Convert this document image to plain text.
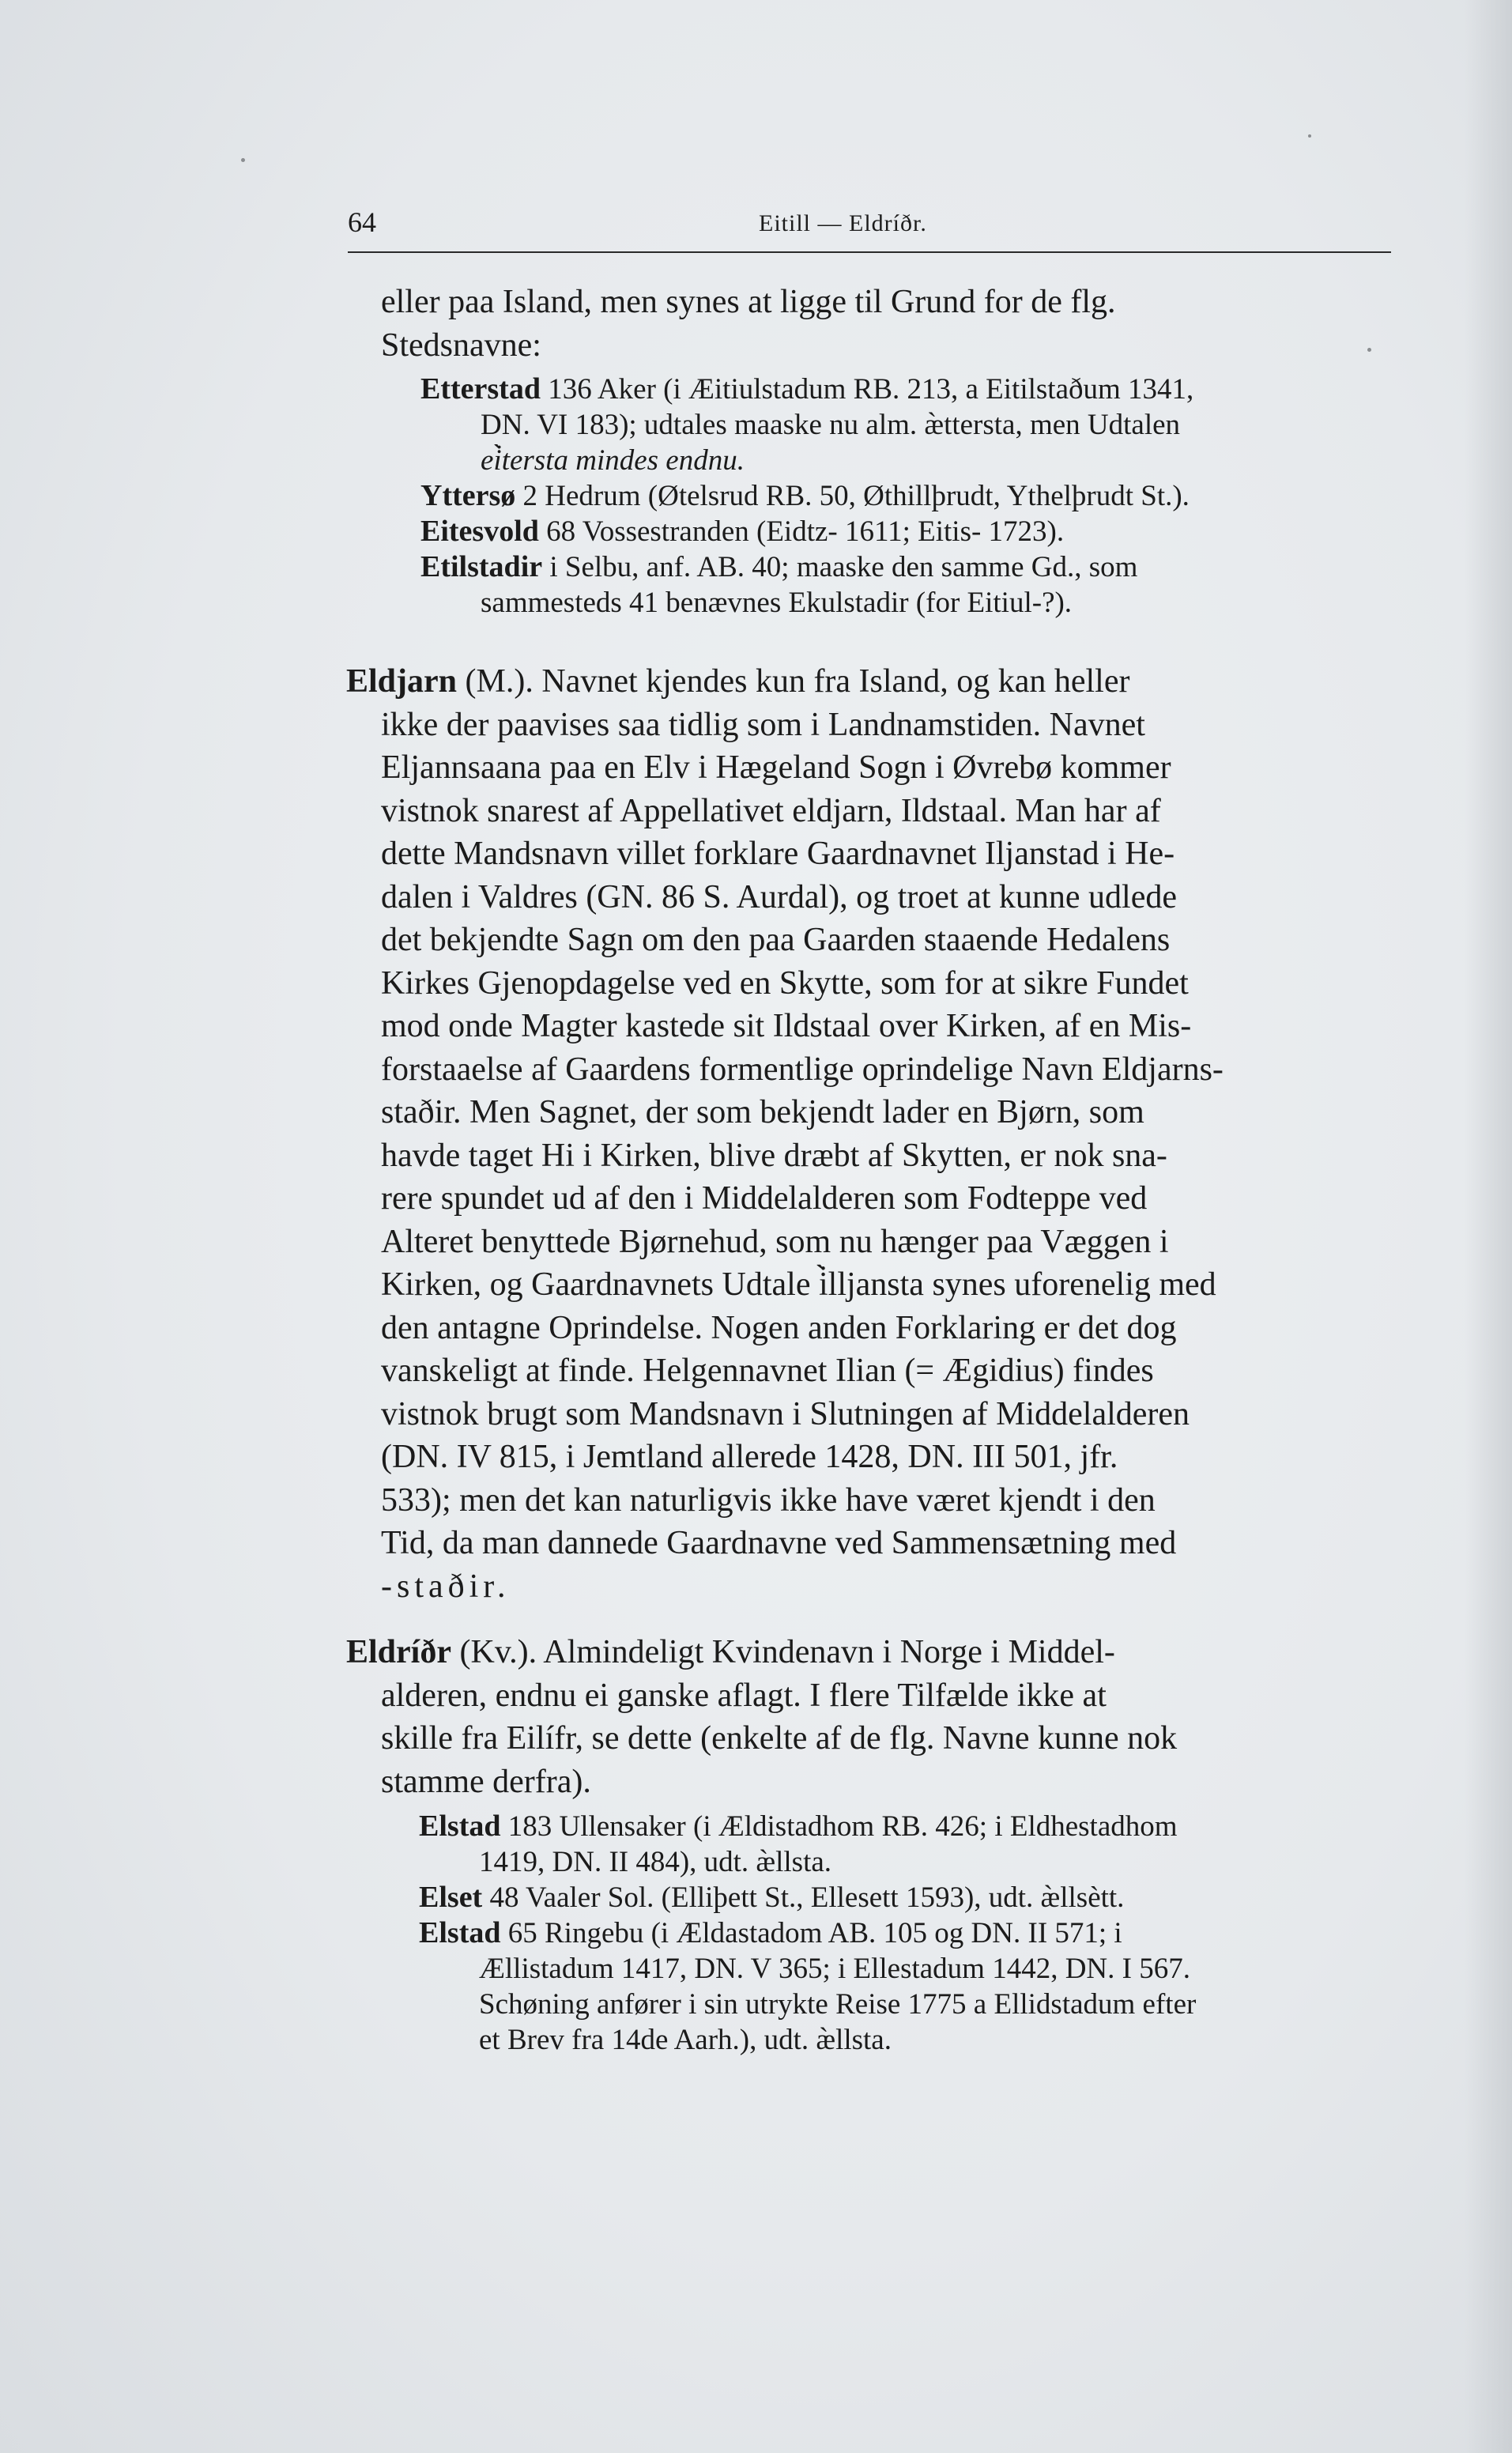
64	Eitill — Eldríðr.
eller paa Island, men synes at ligge til Grund for de flg.
Stedsnavne:
Etterstad 136 Aker (i Æitiulstadum RB. 213, a Eitilstaðum 1341,
DN. VI 183); udtales maaske nu alm. æ̀ttersta, men Udtalen
ei̇̀tersta mindes endnu.
Yttersø 2 Hedrum (Øtelsrud RB. 50, Øthillþrudt, Ythelþrudt St.).
Eitesvold 68 Vossestranden (Eidtz- 1611; Eitis- 1723).
Etilstadir i Selbu, anf. AB. 40; maaske den samme Gd., som
sammesteds 41 benævnes Ekulstadir (for Eitiul-?).
Eldjarn (M.). Navnet kjendes kun fra Island, og kan heller
ikke der paavises saa tidlig som i Landnamstiden. Navnet
Eljannsaana paa en Elv i Hægeland Sogn i Øvrebø kommer
vistnok snarest af Appellativet eldjarn, Ildstaal. Man har af
dette Mandsnavn villet forklare Gaardnavnet Iljanstad i He-
dalen i Valdres (GN. 86 S. Aurdal), og troet at kunne udlede
det bekjendte Sagn om den paa Gaarden staaende Hedalens
Kirkes Gjenopdagelse ved en Skytte, som for at sikre Fundet
mod onde Magter kastede sit Ildstaal over Kirken, af en Mis-
forstaaelse af Gaardens formentlige oprindelige Navn Eldjarns-
staðir. Men Sagnet, der som bekjendt lader en Bjørn, som
havde taget Hi i Kirken, blive dræbt af Skytten, er nok sna-
rere spundet ud af den i Middelalderen som Fodteppe ved
Alteret benyttede Bjørnehud, som nu hænger paa Væggen i
Kirken, og Gaardnavnets Udtale i̇̀lljansta synes uforenelig med
den antagne Oprindelse. Nogen anden Forklaring er det dog
vanskeligt at finde. Helgennavnet Ilian (= Ægidius) findes
vistnok brugt som Mandsnavn i Slutningen af Middelalderen
(DN. IV 815, i Jemtland allerede 1428, DN. III 501, jfr.
533); men det kan naturligvis ikke have været kjendt i den
Tid, da man dannede Gaardnavne ved Sammensætning med
-staðir.
Eldríðr (Kv.). Almindeligt Kvindenavn i Norge i Middel-
alderen, endnu ei ganske aflagt. I flere Tilfælde ikke at
skille fra Eilífr, se dette (enkelte af de flg. Navne kunne nok
stamme derfra).
Elstad 183 Ullensaker (i Ældistadhom RB. 426; i Eldhestadhom
1419, DN. II 484), udt. æ̀llsta.
Elset 48 Vaaler Sol. (Elliþett St., Ellesett 1593), udt. æ̀llsètt.
Elstad 65 Ringebu (i Ældastadom AB. 105 og DN. II 571; i
Ællistadum 1417, DN. V 365; i Ellestadum 1442, DN. I 567.
Schøning anfører i sin utrykte Reise 1775 a Ellidstadum efter
et Brev fra 14de Aarh.), udt. æ̀llsta.
